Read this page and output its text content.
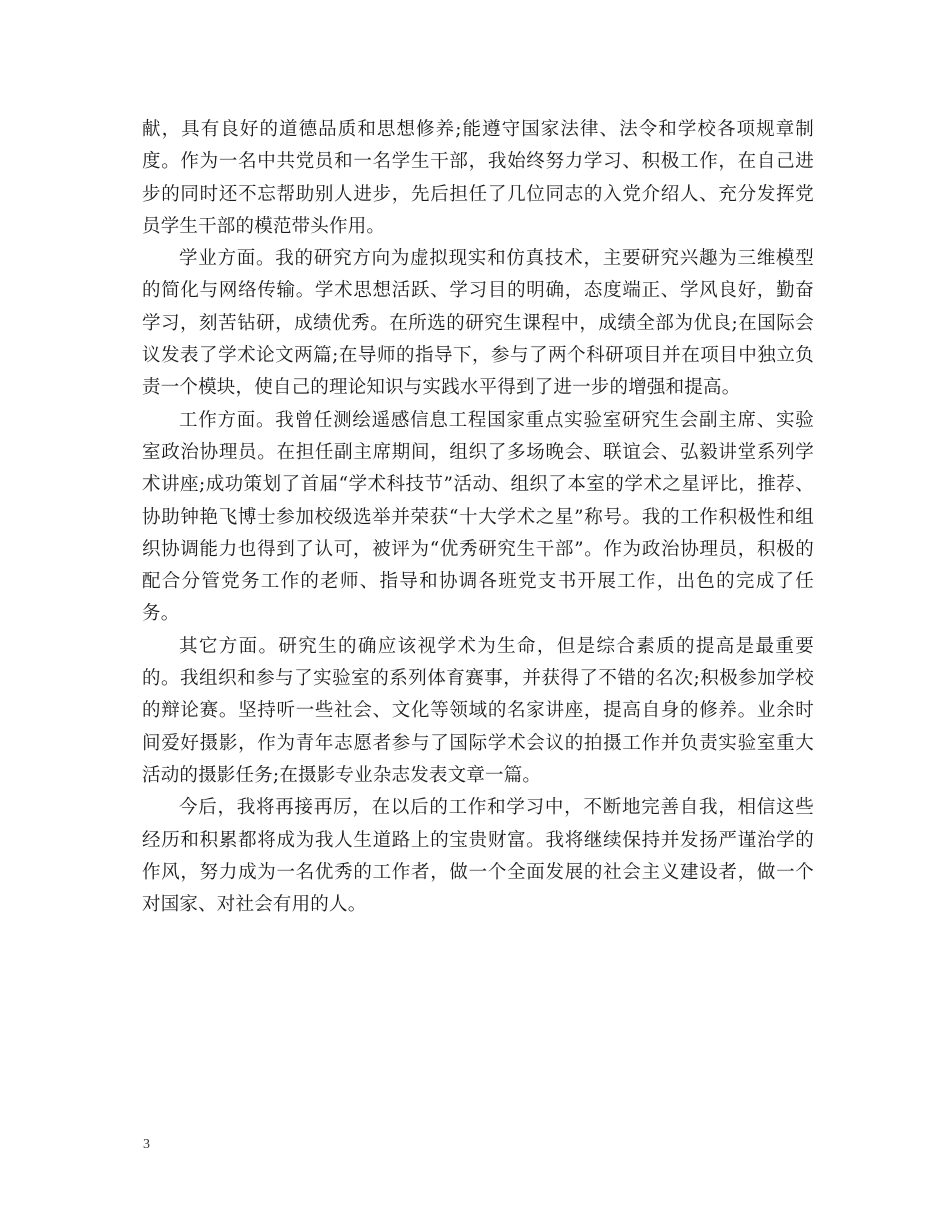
献，具有良好的道德品质和思想修养;能遵守国家法律、法令和学校各项规章制度。作为一名中共党员和一名学生干部，我始终努力学习、积极工作，在自己进步的同时还不忘帮助别人进步，先后担任了几位同志的入党介绍人、充分发挥党员学生干部的模范带头作用。

学业方面。我的研究方向为虚拟现实和仿真技术，主要研究兴趣为三维模型的简化与网络传输。学术思想活跃、学习目的明确，态度端正、学风良好，勤奋学习，刻苦钻研，成绩优秀。在所选的研究生课程中，成绩全部为优良;在国际会议发表了学术论文两篇;在导师的指导下，参与了两个科研项目并在项目中独立负责一个模块，使自己的理论知识与实践水平得到了进一步的增强和提高。

工作方面。我曾任测绘遥感信息工程国家重点实验室研究生会副主席、实验室政治协理员。在担任副主席期间，组织了多场晚会、联谊会、弘毅讲堂系列学术讲座;成功策划了首届“学术科技节”活动、组织了本室的学术之星评比，推荐、协助钟艳飞博士参加校级选举并荣获“十大学术之星”称号。我的工作积极性和组织协调能力也得到了认可，被评为“优秀研究生干部”。作为政治协理员，积极的配合分管党务工作的老师、指导和协调各班党支书开展工作，出色的完成了任务。

其它方面。研究生的确应该视学术为生命，但是综合素质的提高是最重要的。我组织和参与了实验室的系列体育赛事，并获得了不错的名次;积极参加学校的辩论赛。坚持听一些社会、文化等领域的名家讲座，提高自身的修养。业余时间爱好摄影，作为青年志愿者参与了国际学术会议的拍摄工作并负责实验室重大活动的摄影任务;在摄影专业杂志发表文章一篇。

今后，我将再接再厉，在以后的工作和学习中，不断地完善自我，相信这些经历和积累都将成为我人生道路上的宝贵财富。我将继续保持并发扬严谨治学的作风，努力成为一名优秀的工作者，做一个全面发展的社会主义建设者，做一个对国家、对社会有用的人。

3
